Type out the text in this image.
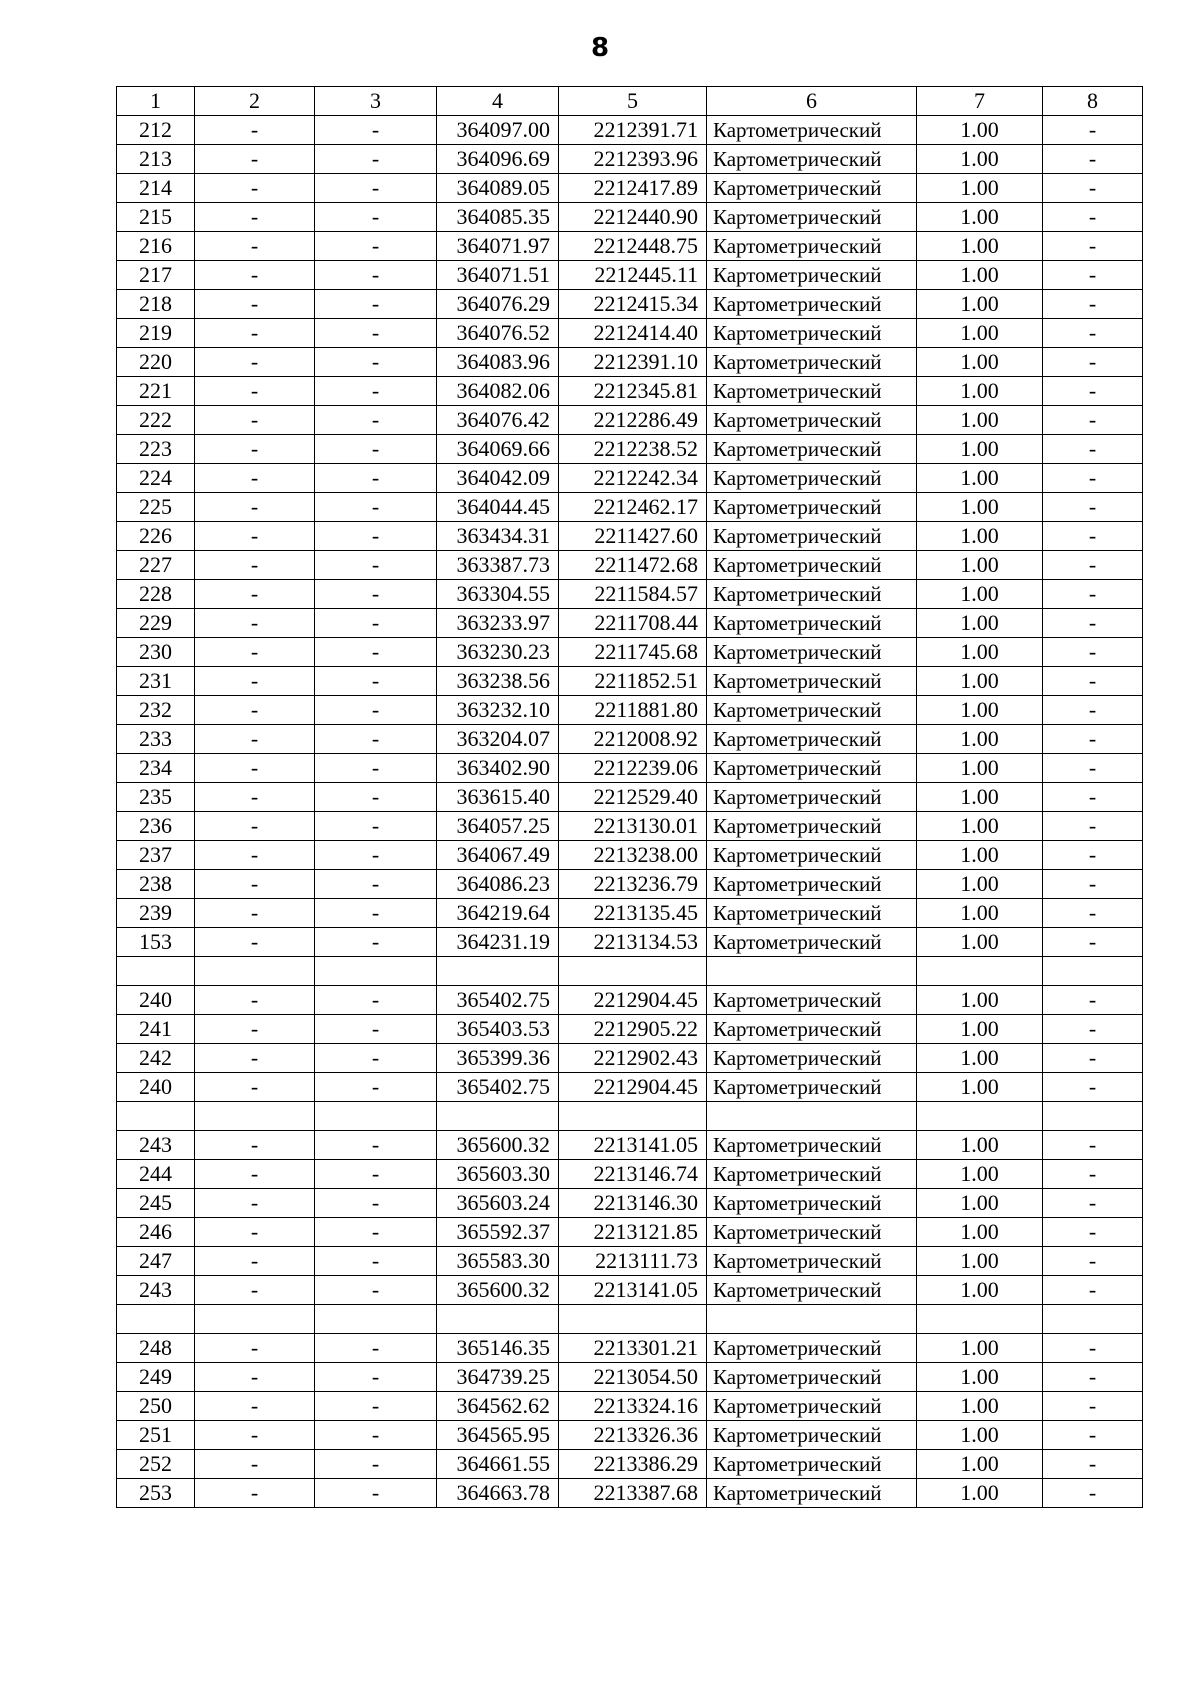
8
1	2	3	4	5	6	7	8
212	-	-	364097.00	2212391.71	Картометрический	1.00	-
213	-	-	364096.69	2212393.96	Картометрический	1.00	-
214	-	-	364089.05	2212417.89	Картометрический	1.00	-
215	-	-	364085.35	2212440.90	Картометрический	1.00	-
216	-	-	364071.97	2212448.75	Картометрический	1.00	-
217	-	-	364071.51	2212445.11	Картометрический	1.00	-
218	-	-	364076.29	2212415.34	Картометрический	1.00	-
219	-	-	364076.52	2212414.40	Картометрический	1.00	-
220	-	-	364083.96	2212391.10	Картометрический	1.00	-
221	-	-	364082.06	2212345.81	Картометрический	1.00	-
222	-	-	364076.42	2212286.49	Картометрический	1.00	-
223	-	-	364069.66	2212238.52	Картометрический	1.00	-
224	-	-	364042.09	2212242.34	Картометрический	1.00	-
225	-	-	364044.45	2212462.17	Картометрический	1.00	-
226	-	-	363434.31	2211427.60	Картометрический	1.00	-
227	-	-	363387.73	2211472.68	Картометрический	1.00	-
228	-	-	363304.55	2211584.57	Картометрический	1.00	-
229	-	-	363233.97	2211708.44	Картометрический	1.00	-
230	-	-	363230.23	2211745.68	Картометрический	1.00	-
231	-	-	363238.56	2211852.51	Картометрический	1.00	-
232	-	-	363232.10	2211881.80	Картометрический	1.00	-
233	-	-	363204.07	2212008.92	Картометрический	1.00	-
234	-	-	363402.90	2212239.06	Картометрический	1.00	-
235	-	-	363615.40	2212529.40	Картометрический	1.00	-
236	-	-	364057.25	2213130.01	Картометрический	1.00	-
237	-	-	364067.49	2213238.00	Картометрический	1.00	-
238	-	-	364086.23	2213236.79	Картометрический	1.00	-
239	-	-	364219.64	2213135.45	Картометрический	1.00	-
153	-	-	364231.19	2213134.53	Картометрический	1.00	-

240	-	-	365402.75	2212904.45	Картометрический	1.00	-
241	-	-	365403.53	2212905.22	Картометрический	1.00	-
242	-	-	365399.36	2212902.43	Картометрический	1.00	-
240	-	-	365402.75	2212904.45	Картометрический	1.00	-

243	-	-	365600.32	2213141.05	Картометрический	1.00	-
244	-	-	365603.30	2213146.74	Картометрический	1.00	-
245	-	-	365603.24	2213146.30	Картометрический	1.00	-
246	-	-	365592.37	2213121.85	Картометрический	1.00	-
247	-	-	365583.30	2213111.73	Картометрический	1.00	-
243	-	-	365600.32	2213141.05	Картометрический	1.00	-

248	-	-	365146.35	2213301.21	Картометрический	1.00	-
249	-	-	364739.25	2213054.50	Картометрический	1.00	-
250	-	-	364562.62	2213324.16	Картометрический	1.00	-
251	-	-	364565.95	2213326.36	Картометрический	1.00	-
252	-	-	364661.55	2213386.29	Картометрический	1.00	-
253	-	-	364663.78	2213387.68	Картометрический	1.00	-
